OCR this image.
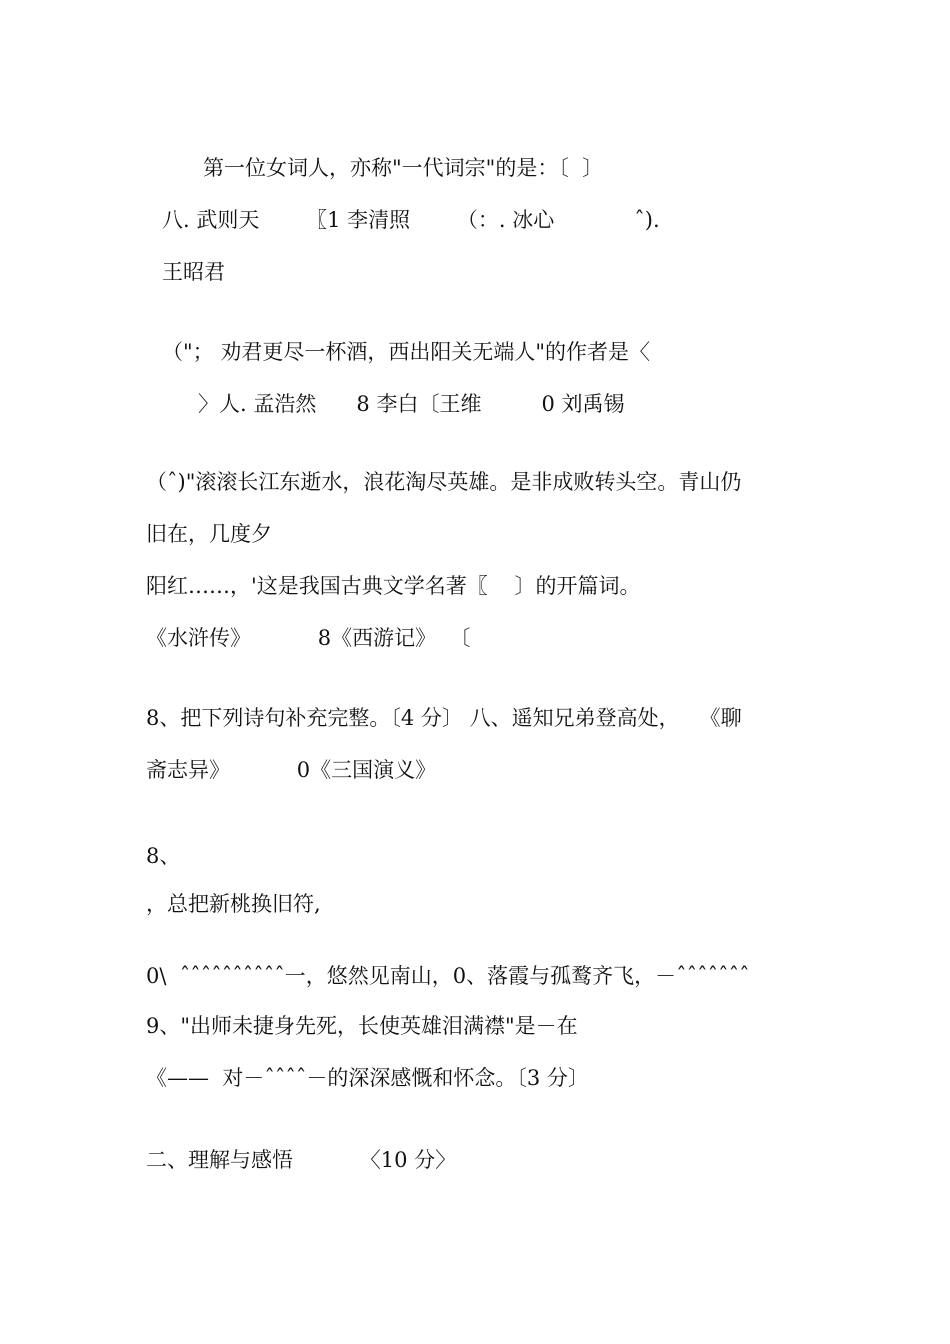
第一位女词人，亦称"一代词宗"的是：〔  〕
八. 武则天       〖1 李清照       （：. 冰心            ˆ).
王昭君
（"； 劝君更尽一杯酒，西出阳关无端人"的作者是〈
〉人. 孟浩然      8 李白〔王维         0 刘禹锡
（ˆ)"滚滚长江东逝水，浪花淘尽英雄。是非成败转头空。青山仍
旧在，几度夕
阳红……，'这是我国古典文学名著〖    〕的开篇词。
《水浒传》          8《西游记》  〔
8、把下列诗句补充完整。〔4 分〕 八、遥知兄弟登高处，   《聊
斋志异》          0《三国演义》
8、
，总把新桃换旧符,
0\  ˆˆˆˆˆˆˆˆˆˆ一，悠然见南山，0、落霞与孤鹜齐飞，－ˆˆˆˆˆˆˆ
9、"出师未捷身先死，长使英雄泪满襟"是－在
《——  对－ˆˆˆˆ－的深深感慨和怀念。〔3 分〕
二、理解与感悟          〈10 分〉
